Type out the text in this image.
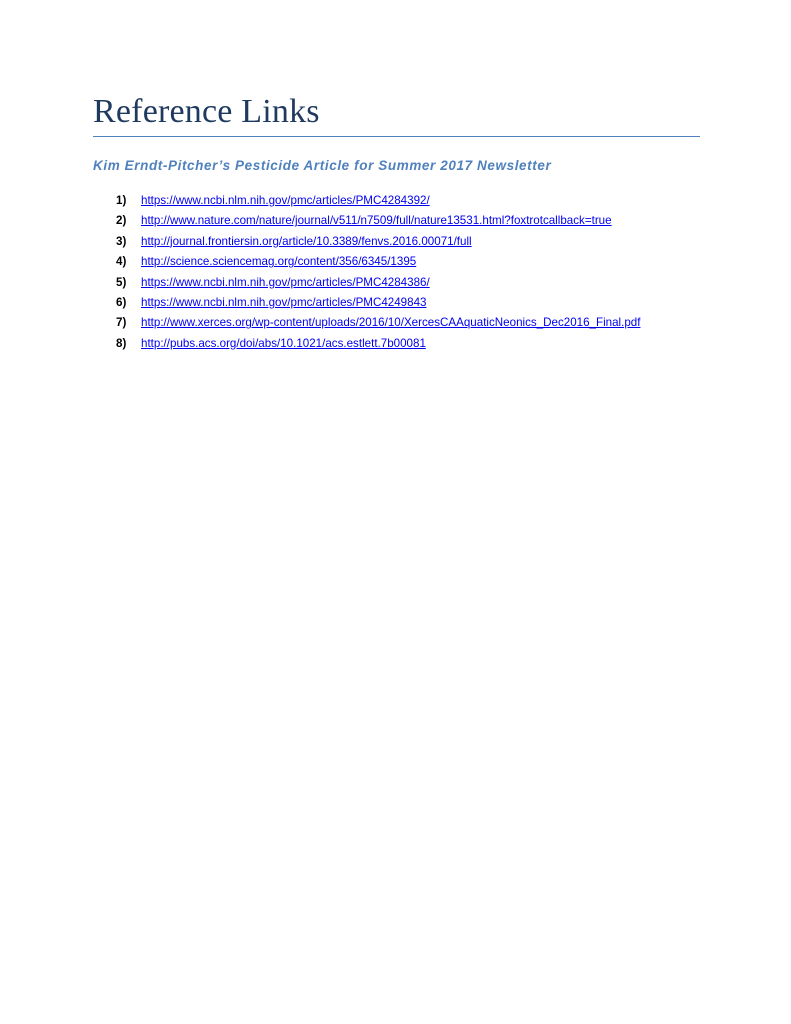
Reference Links

Kim Erndt-Pitcher’s Pesticide Article for Summer 2017 Newsletter

1)	https://www.ncbi.nlm.nih.gov/pmc/articles/PMC4284392/
2)	http://www.nature.com/nature/journal/v511/n7509/full/nature13531.html?foxtrotcallback=true
3)	http://journal.frontiersin.org/article/10.3389/fenvs.2016.00071/full
4)	http://science.sciencemag.org/content/356/6345/1395
5)	https://www.ncbi.nlm.nih.gov/pmc/articles/PMC4284386/
6)	https://www.ncbi.nlm.nih.gov/pmc/articles/PMC4249843
7)	http://www.xerces.org/wp-content/uploads/2016/10/XercesCAAquaticNeonics_Dec2016_Final.pdf
8)	http://pubs.acs.org/doi/abs/10.1021/acs.estlett.7b00081
